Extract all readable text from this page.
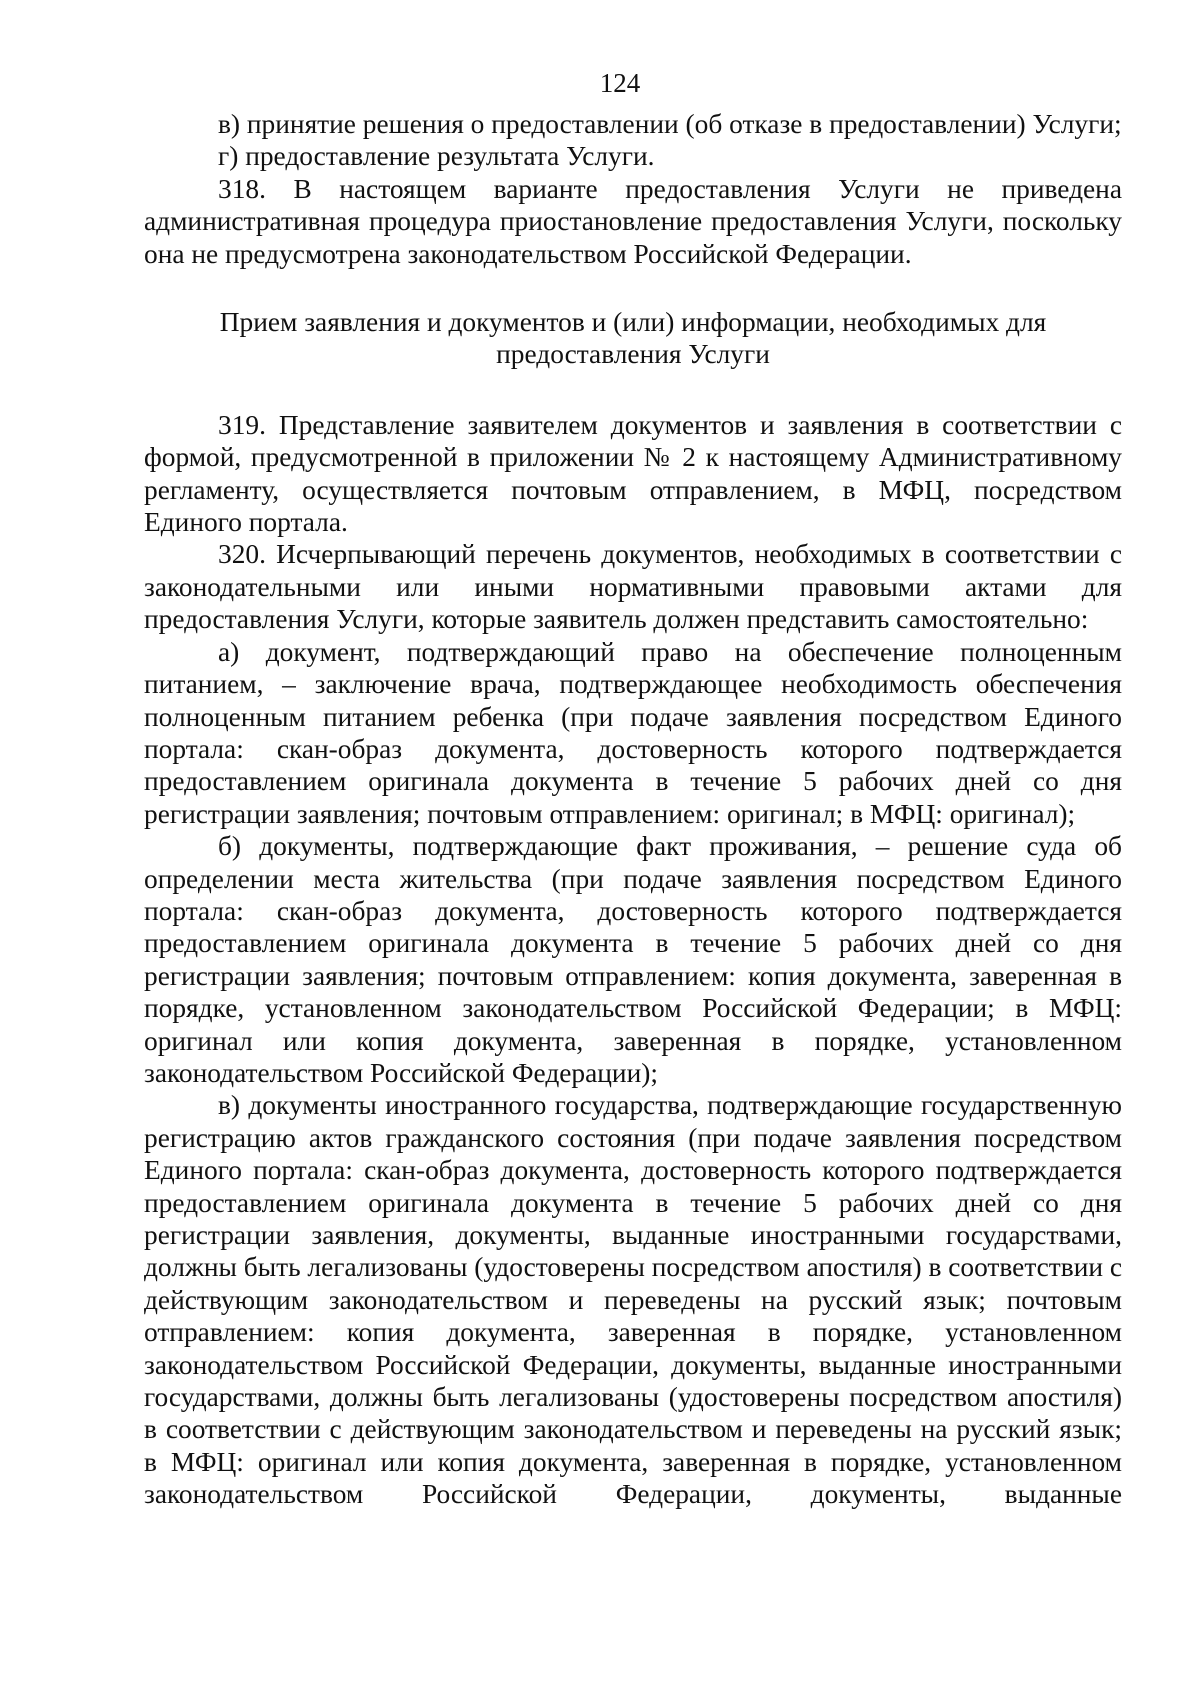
124

в) принятие решения о предоставлении (об отказе в предоставлении) Услуги;

г) предоставление результата Услуги.

318. В настоящем варианте предоставления Услуги не приведена административная процедура приостановление предоставления Услуги, поскольку она не предусмотрена законодательством Российской Федерации.

Прием заявления и документов и (или) информации, необходимых для
предоставления Услуги

319. Представление заявителем документов и заявления в соответствии с формой, предусмотренной в приложении № 2 к настоящему Административному регламенту, осуществляется почтовым отправлением, в МФЦ, посредством Единого портала.

320. Исчерпывающий перечень документов, необходимых в соответствии с законодательными или иными нормативными правовыми актами для предоставления Услуги, которые заявитель должен представить самостоятельно:

а) документ, подтверждающий право на обеспечение полноценным питанием, – заключение врача, подтверждающее необходимость обеспечения полноценным питанием ребенка (при подаче заявления посредством Единого портала: скан-образ документа, достоверность которого подтверждается предоставлением оригинала документа в течение 5 рабочих дней со дня регистрации заявления; почтовым отправлением: оригинал; в МФЦ: оригинал);

б) документы, подтверждающие факт проживания, – решение суда об определении места жительства (при подаче заявления посредством Единого портала: скан-образ документа, достоверность которого подтверждается предоставлением оригинала документа в течение 5 рабочих дней со дня регистрации заявления; почтовым отправлением: копия документа, заверенная в порядке, установленном законодательством Российской Федерации; в МФЦ: оригинал или копия документа, заверенная в порядке, установленном законодательством Российской Федерации);

в) документы иностранного государства, подтверждающие государственную регистрацию актов гражданского состояния (при подаче заявления посредством Единого портала: скан-образ документа, достоверность которого подтверждается предоставлением оригинала документа в течение 5 рабочих дней со дня регистрации заявления, документы, выданные иностранными государствами, должны быть легализованы (удостоверены посредством апостиля) в соответствии с действующим законодательством и переведены на русский язык; почтовым отправлением: копия документа, заверенная в порядке, установленном законодательством Российской Федерации, документы, выданные иностранными государствами, должны быть легализованы (удостоверены посредством апостиля) в соответствии с действующим законодательством и переведены на русский язык; в МФЦ: оригинал или копия документа, заверенная в порядке, установленном законодательством Российской Федерации, документы, выданные
